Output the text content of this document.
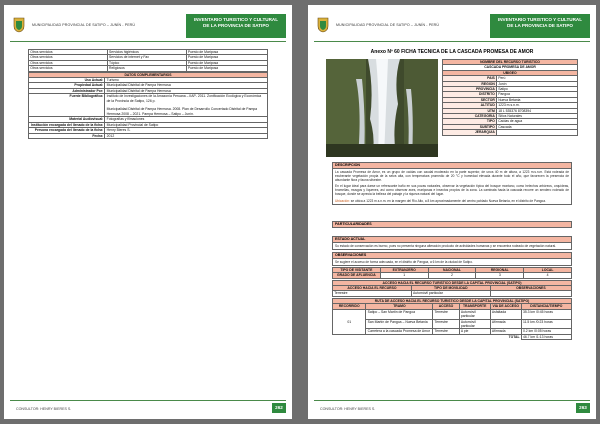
MUNICIPALIDAD PROVINCIAL DE SATIPO – JUNÍN - PERÚ
INVENTARIO TURISTICO Y CULTURAL
DE LA PROVINCIA DE SATIPO
Otros servicios	Servicios higiénicos	Puesto de Mariposa
Otros servicios	Servicios de internet y Fax	Puesto de Mariposa
Otros servicios	Tópico	Puesto de Mariposa
Otros servicios	Religiosos	Puesto de Mariposa
DATOS COMPLEMENTARIOS	
Uso Actual:	Turismo
Propiedad Actual:	Municipalidad Distrital de Pampa Hermosa
Administrador Por:	Municipalidad Distrital de Pampa Hermosa
Fuente Bibliográfica:	Instituto de Investigaciones de la Amazonía Peruana – IIAP- 2011. Zonificación Ecológica y Económica de la Provincia de Satipo, 126 p.

Municipalidad Distrital de Pampa Hermosa. 2008. Plan de Desarrollo Concertado Distrital de Pampa Hermosa 2008 – 2021. Pampa Hermosa – Satipo – Junín.
Material Audiovisual:	Fotografías y filmaciones
Institución encargada del llenado de la ficha:	Municipalidad Provincial de Satipo
Persona encargada del llenado de la ficha:	Henry Bieres S.
Fecha:	2012
CONSULTOR: HENRY BIERES S.	262
MUNICIPALIDAD PROVINCIAL DE SATIPO – JUNÍN - PERÚ
INVENTARIO TURISTICO Y CULTURAL
DE LA PROVINCIA DE SATIPO
Anexo Nº 60 FICHA TECNICA DE LA CASCADA PROMESA DE AMOR
NOMBRE DEL RECURSO TURISTICO	
CASCADA PROMESA DE AMOR	
UBIGEO	
PAIS	Perú
REGION	Junín
PROVINCIA	Satipo
DISTRITO	Pangoa
SECTOR	Nueva Betania
ALTITUD	1223 m.s.n.m.
UTM	18 L 535376 8708394
CATEGORIA	Sitios Naturales
TIPO	Caídas de agua
SUBTIPO	Cascada
JERARQUIA	
DESCRIPCION
La cascada Promesa de Amor, es un grupo de caídas con caudal moderado en la parte superior, de unos 40 m de altura, a 1223 m.s.n.m. Está rodeada de exuberante vegetación propia de la selva alta, con temperatura promedio de 20 °C y humedad elevada durante todo el año, que favorecen la presencia de abundante flora y fauna silvestre.
En el lugar ideal para darse un refrescante baño en sus pozas naturales, observar la vegetación típica del bosque montano, como helechos arbóreos, orquídeas, bromelias, musgos y líquenes, así como observar aves, mariposas e insectos propios de la zona. La caminata hacia la cascada recorre un sendero rodeado de bosque, donde se aprecia la belleza del paisaje y la riqueza natural del lugar.
Ubicación: se ubica a 1223 m.s.n.m. en la margen del Río Alto, a 8 km aproximadamente del centro poblado Nueva Betania, en el distrito de Pangoa.
PARTICULARIDADES
ESTADO ACTUAL
Su estado de conservación es bueno, pues no presenta ninguna alteración producto de actividades humanas y se encuentra rodeado de vegetación natural.
OBSERVACIONES
Se sugiere el acceso de forma adecuada, en el distrito de Pangoa, a 6 km de la ciudad de Satipo.
TIPO DE VISITANTE	EXTRANJERO	NACIONAL	REGIONAL	LOCAL
GRADO DE AFLUENCIA	1	2	3	4
ACCESO HACIA EL RECURSO TURISTICO DESDE LA CAPITAL PROVINCIAL (SATIPO)		
ACCESO HACIA EL RECURSO	TIPO DE MOVILIDAD	OBSERVACIONES
Terrestre	Automóvil particular	
RUTA DE ACCESO HACIA EL RECURSO TURISTICO DESDE LA CAPITAL PROVINCIAL (SATIPO)					
RECORRIDO	TRAMO	ACCESO	TRANSPORTE	VIA DE ACCESO	DISTANCIA/TIEMPO
01	Satipo – San Martín de Pangoa	Terrestre	Automóvil particular	Asfaltada	35.3 km /0:45 horas
	San Martín de Pangoa – Nueva Betania	Terrestre	Automóvil particular	Afirmada	11.5 km /0:23 horas
	Carretera a la cascada Promesa de Amor	Terrestre	A pie	Afirmada	0.2 km /0:05 horas
TOTAL					46.7 km /1:13 horas
CONSULTOR: HENRY BIERES S.	263
